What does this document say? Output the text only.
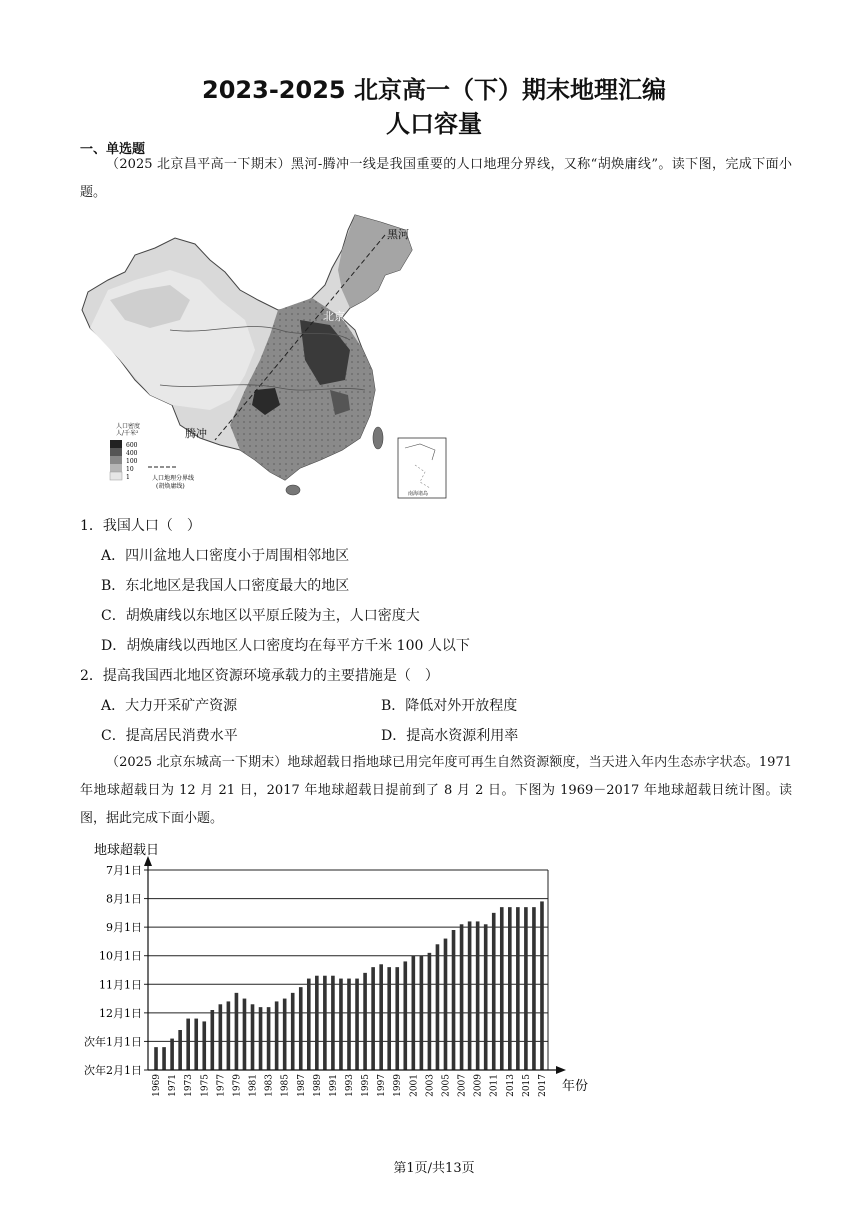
2023-2025 北京高一（下）期末地理汇编
人口容量
一、单选题
（2025 北京昌平高一下期末）黑河-腾冲一线是我国重要的人口地理分界线，又称“胡焕庸线”。读下图，完成下面小题。
黑河
北京
腾冲
人口密度
人/千米²
600
400
100
10
1	人口地理分界线
(胡焕庸线)
南海诸岛
1．我国人口（　）
A．四川盆地人口密度小于周围相邻地区
B．东北地区是我国人口密度最大的地区
C．胡焕庸线以东地区以平原丘陵为主，人口密度大
D．胡焕庸线以西地区人口密度均在每平方千米 100 人以下
2．提高我国西北地区资源环境承载力的主要措施是（　）
A．大力开采矿产资源	B．降低对外开放程度
C．提高居民消费水平	D．提高水资源利用率
（2025 北京东城高一下期末）地球超载日指地球已用完年度可再生自然资源额度，当天进入年内生态赤字状态。1971 年地球超载日为 12 月 21 日，2017 年地球超载日提前到了 8 月 2 日。下图为 1969－2017 年地球超载日统计图。读图，据此完成下面小题。
7月1日
8月1日
9月1日
10月1日
11月1日
12月1日
次年1月1日
次年2月1日
1969 1971 1973 1975 1977 1979 1981 1983 1985 1987 1989 1991 1993 1995 1997 1999 2001 2003 2005 2007 2009 2011 2013 2015 2017
地球超载日
年份
第1页/共13页
